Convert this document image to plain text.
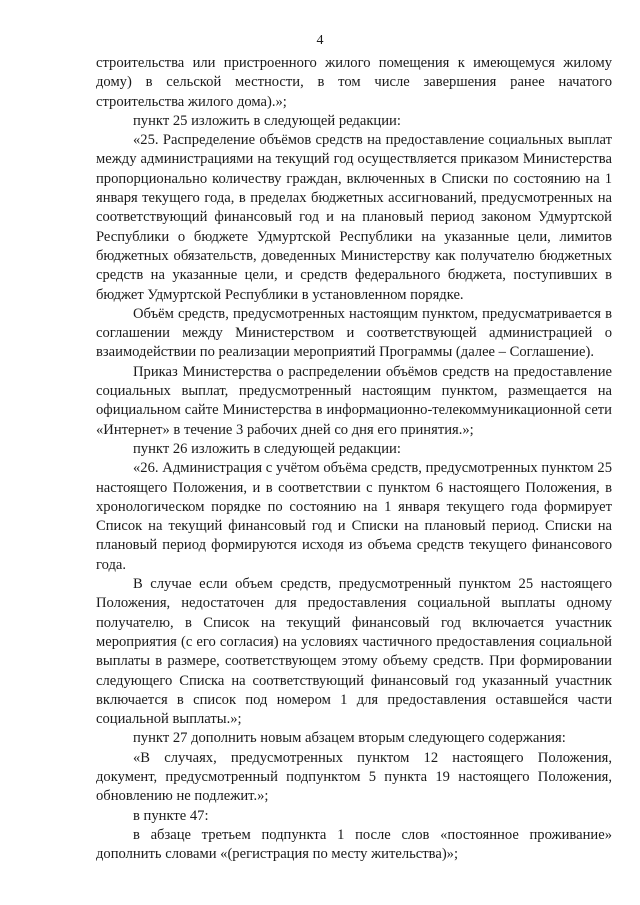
4

строительства или пристроенного жилого помещения к имеющемуся жилому дому) в сельской местности, в том числе завершения ранее начатого строительства жилого дома).»;

пункт 25 изложить в следующей редакции:

«25. Распределение объёмов средств на предоставление социальных выплат между администрациями на текущий год осуществляется приказом Министерства пропорционально количеству граждан, включенных в Списки по состоянию на 1 января текущего года, в пределах бюджетных ассигнований, предусмотренных на соответствующий финансовый год и на плановый период законом Удмуртской Республики о бюджете Удмуртской Республики на указанные цели, лимитов бюджетных обязательств, доведенных Министерству как получателю бюджетных средств на указанные цели, и средств федерального бюджета, поступивших в бюджет Удмуртской Республики в установленном порядке.

Объём средств, предусмотренных настоящим пунктом, предусматривается в соглашении между Министерством и соответствующей администрацией о взаимодействии по реализации мероприятий Программы (далее – Соглашение).

Приказ Министерства о распределении объёмов средств на предоставление социальных выплат, предусмотренный настоящим пунктом, размещается на официальном сайте Министерства в информационно-телекоммуникационной сети «Интернет» в течение 3 рабочих дней со дня его принятия.»;

пункт 26 изложить в следующей редакции:

«26. Администрация с учётом объёма средств, предусмотренных пунктом 25 настоящего Положения, и в соответствии с пунктом 6 настоящего Положения, в хронологическом порядке по состоянию на 1 января текущего года формирует Список на текущий финансовый год и Списки на плановый период. Списки на плановый период формируются исходя из объема средств текущего финансового года.

В случае если объем средств, предусмотренный пунктом 25 настоящего Положения, недостаточен для предоставления социальной выплаты одному получателю, в Список на текущий финансовый год включается участник мероприятия (с его согласия) на условиях частичного предоставления социальной выплаты в размере, соответствующем этому объему средств. При формировании следующего Списка на соответствующий финансовый год указанный участник включается в список под номером 1 для предоставления оставшейся части социальной выплаты.»;

пункт 27 дополнить новым абзацем вторым следующего содержания:

«В случаях, предусмотренных пунктом 12 настоящего Положения, документ, предусмотренный подпунктом 5 пункта 19 настоящего Положения, обновлению не подлежит.»;

в пункте 47:

в абзаце третьем подпункта 1 после слов «постоянное проживание» дополнить словами «(регистрация по месту жительства)»;
